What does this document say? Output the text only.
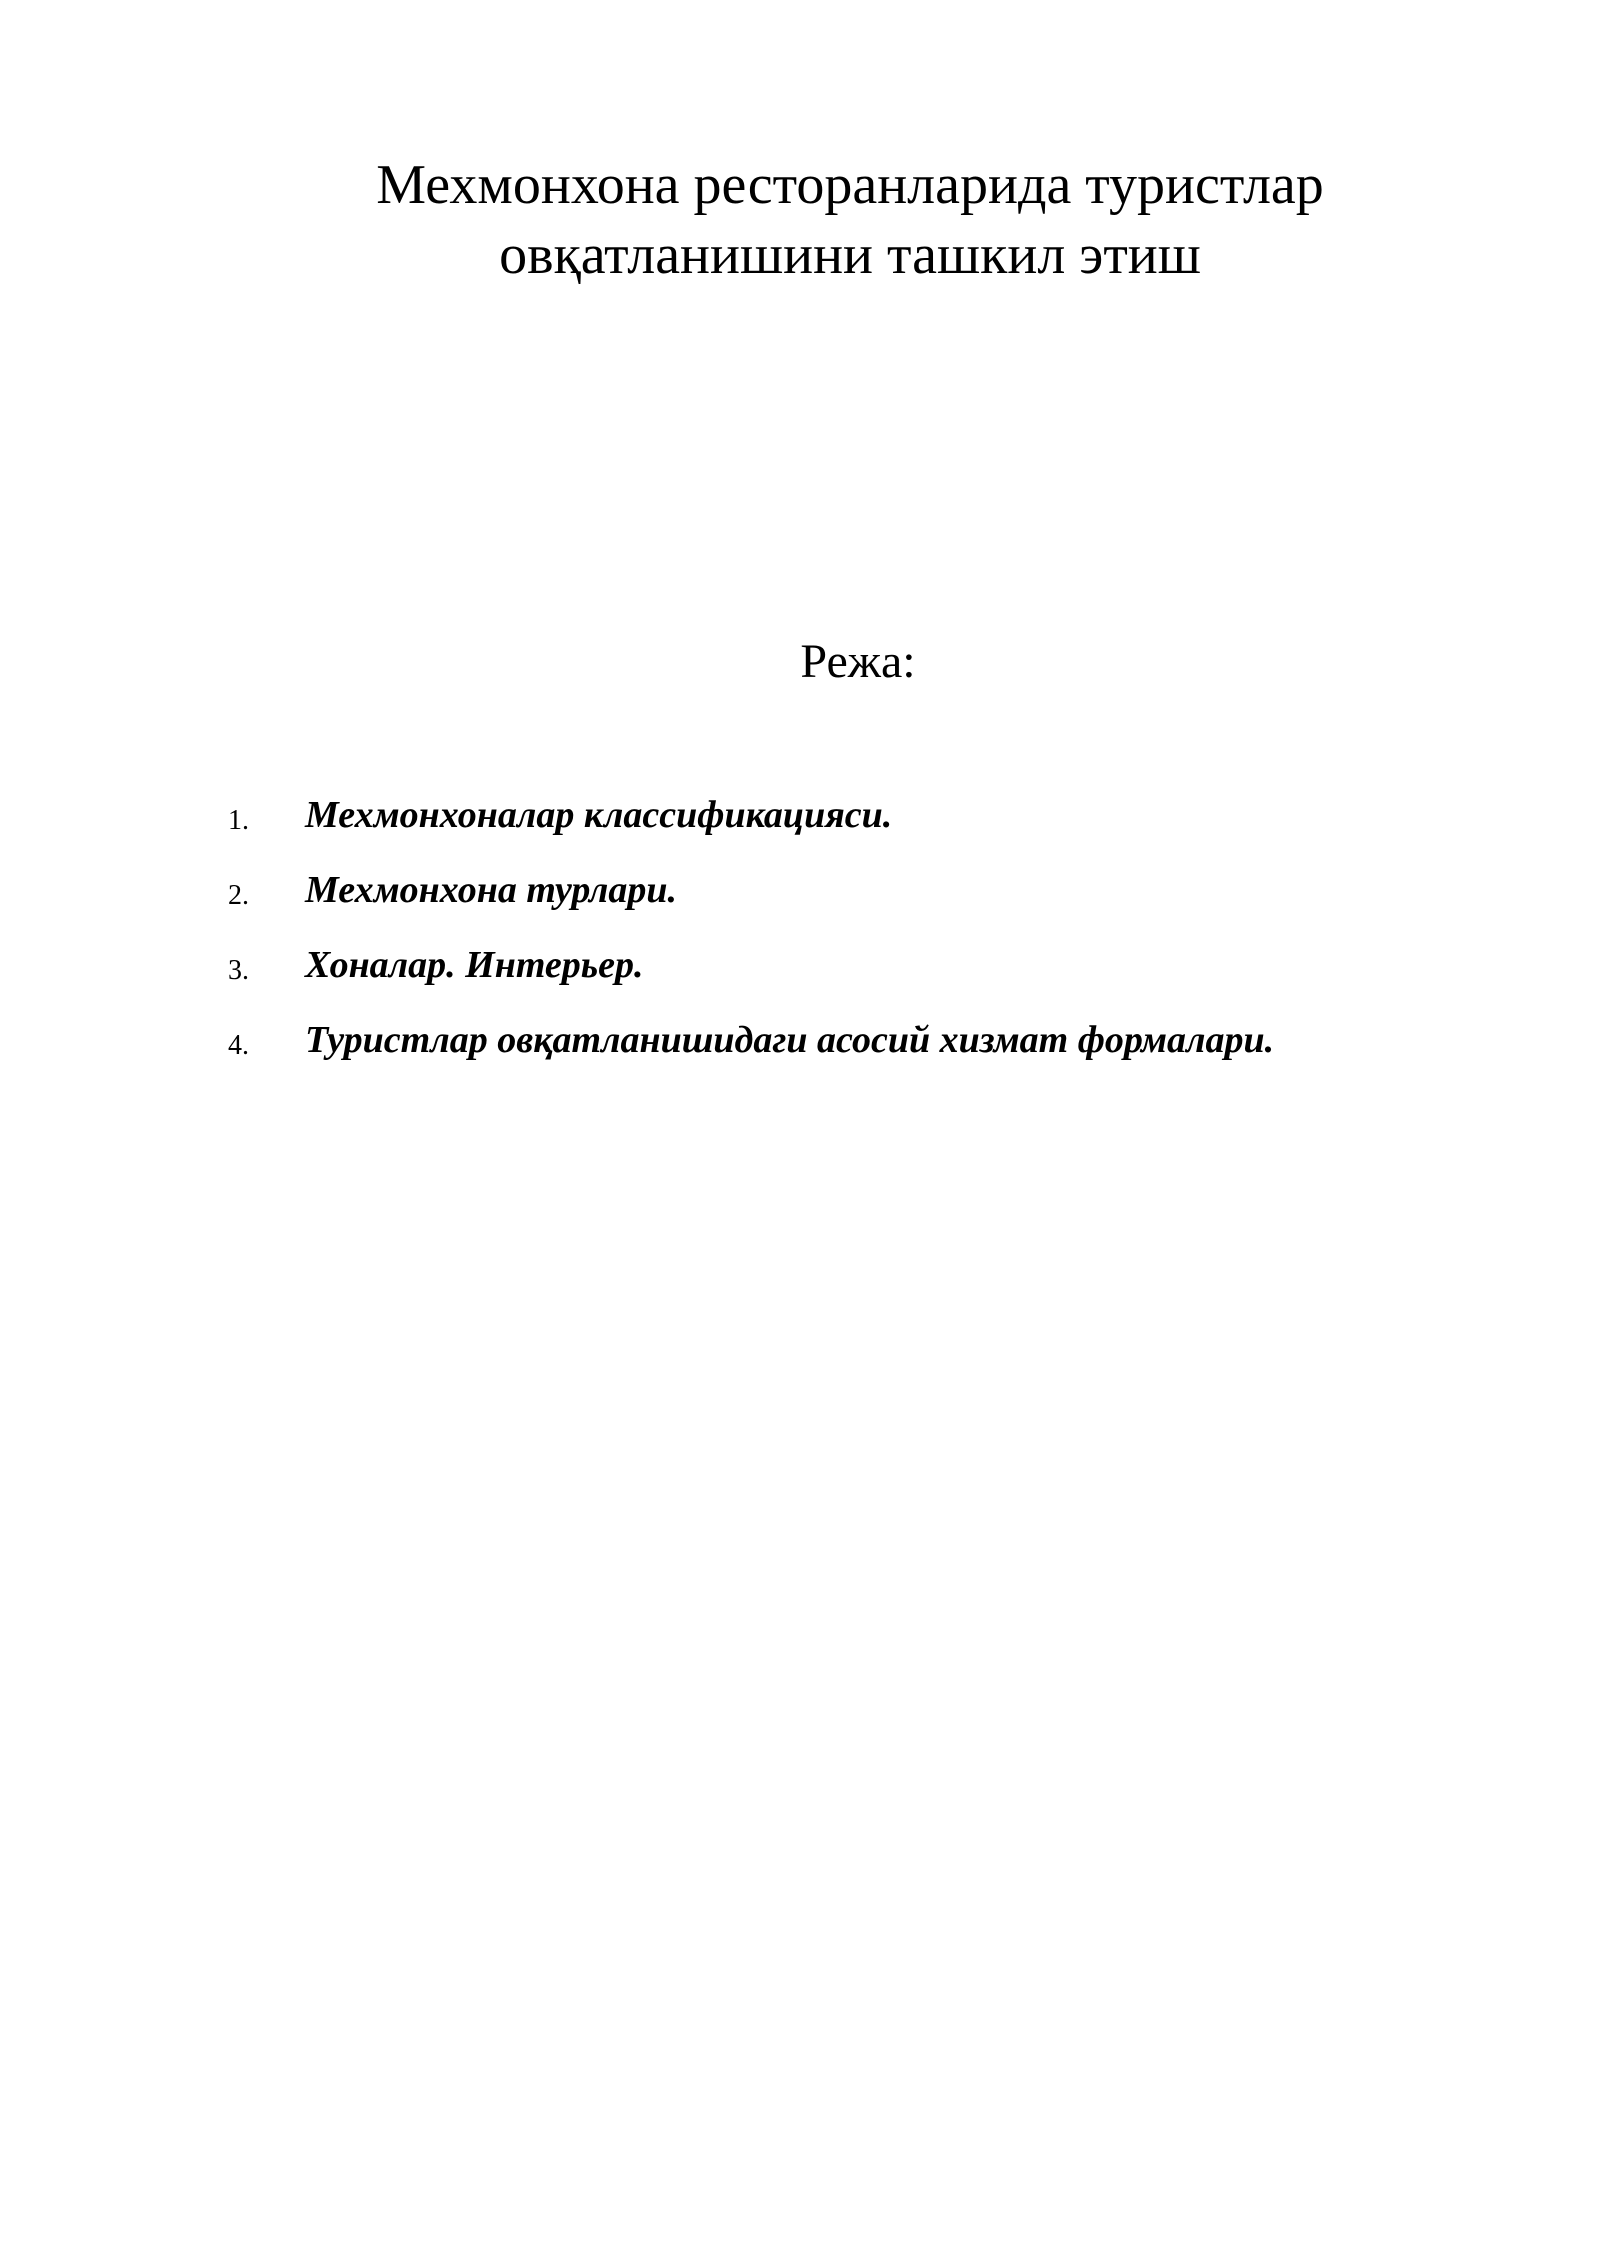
Мехмонхона ресторанларида туристлар
овқатланишини ташкил этиш
Режа:
1. Мехмонхоналар классификацияси.
2. Мехмонхона турлари.
3. Хоналар. Интерьер.
4. Туристлар овқатланишидаги асосий хизмат формалари.
